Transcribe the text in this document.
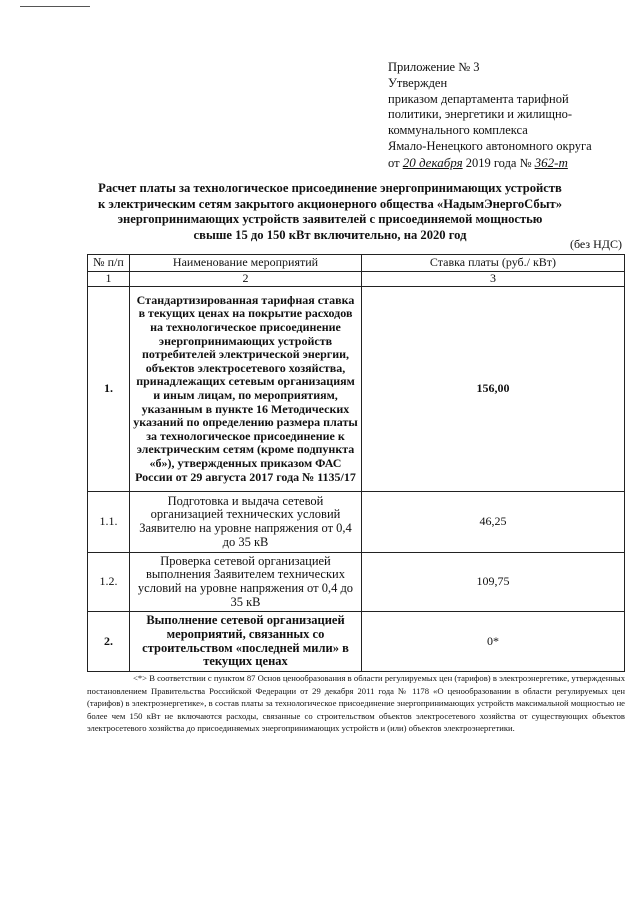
Приложение № 3
Утвержден
приказом департамента тарифной
политики, энергетики и жилищно-
коммунального комплекса
Ямало-Ненецкого автономного округа
от 20 декабря 2019 года № 362-т
Расчет платы за технологическое присоединение энергопринимающих устройств
к электрическим сетям закрытого акционерного общества «НадымЭнергоСбыт»
энергопринимающих устройств заявителей с присоединяемой мощностью
свыше 15 до 150 кВт включительно, на 2020 год
(без НДС)
№ п/п	Наименование мероприятий	Ставка платы (руб./ кВт)
1	2	3
1.	Стандартизированная тарифная ставка в текущих ценах на покрытие расходов на технологическое присоединение энергопринимающих устройств потребителей электрической энергии, объектов электросетевого хозяйства, принадлежащих сетевым организациям и иным лицам, по мероприятиям, указанным в пункте 16 Методических указаний по определению размера платы за технологическое присоединение к электрическим сетям (кроме подпункта «б»), утвержденных приказом ФАС России от 29 августа 2017 года № 1135/17	156,00
1.1.	Подготовка и выдача сетевой организацией технических условий Заявителю на уровне напряжения от 0,4 до 35 кВ	46,25
1.2.	Проверка сетевой организацией выполнения Заявителем технических условий на уровне напряжения от 0,4 до 35 кВ	109,75
2.	Выполнение сетевой организацией мероприятий, связанных со строительством «последней мили» в текущих ценах	0*
<*> В соответствии с пунктом 87 Основ ценообразования в области регулируемых цен (тарифов) в электроэнергетике, утвержденных постановлением Правительства Российской Федерации от 29 декабря 2011 года № 1178 «О ценообразовании в области регулируемых цен (тарифов) в электроэнергетике», в состав платы за технологическое присоединение энергопринимающих устройств максимальной мощностью не более чем 150 кВт не включаются расходы, связанные со строительством объектов электросетевого хозяйства от существующих объектов электросетевого хозяйства до присоединяемых энергопринимающих устройств и (или) объектов электроэнергетики.
